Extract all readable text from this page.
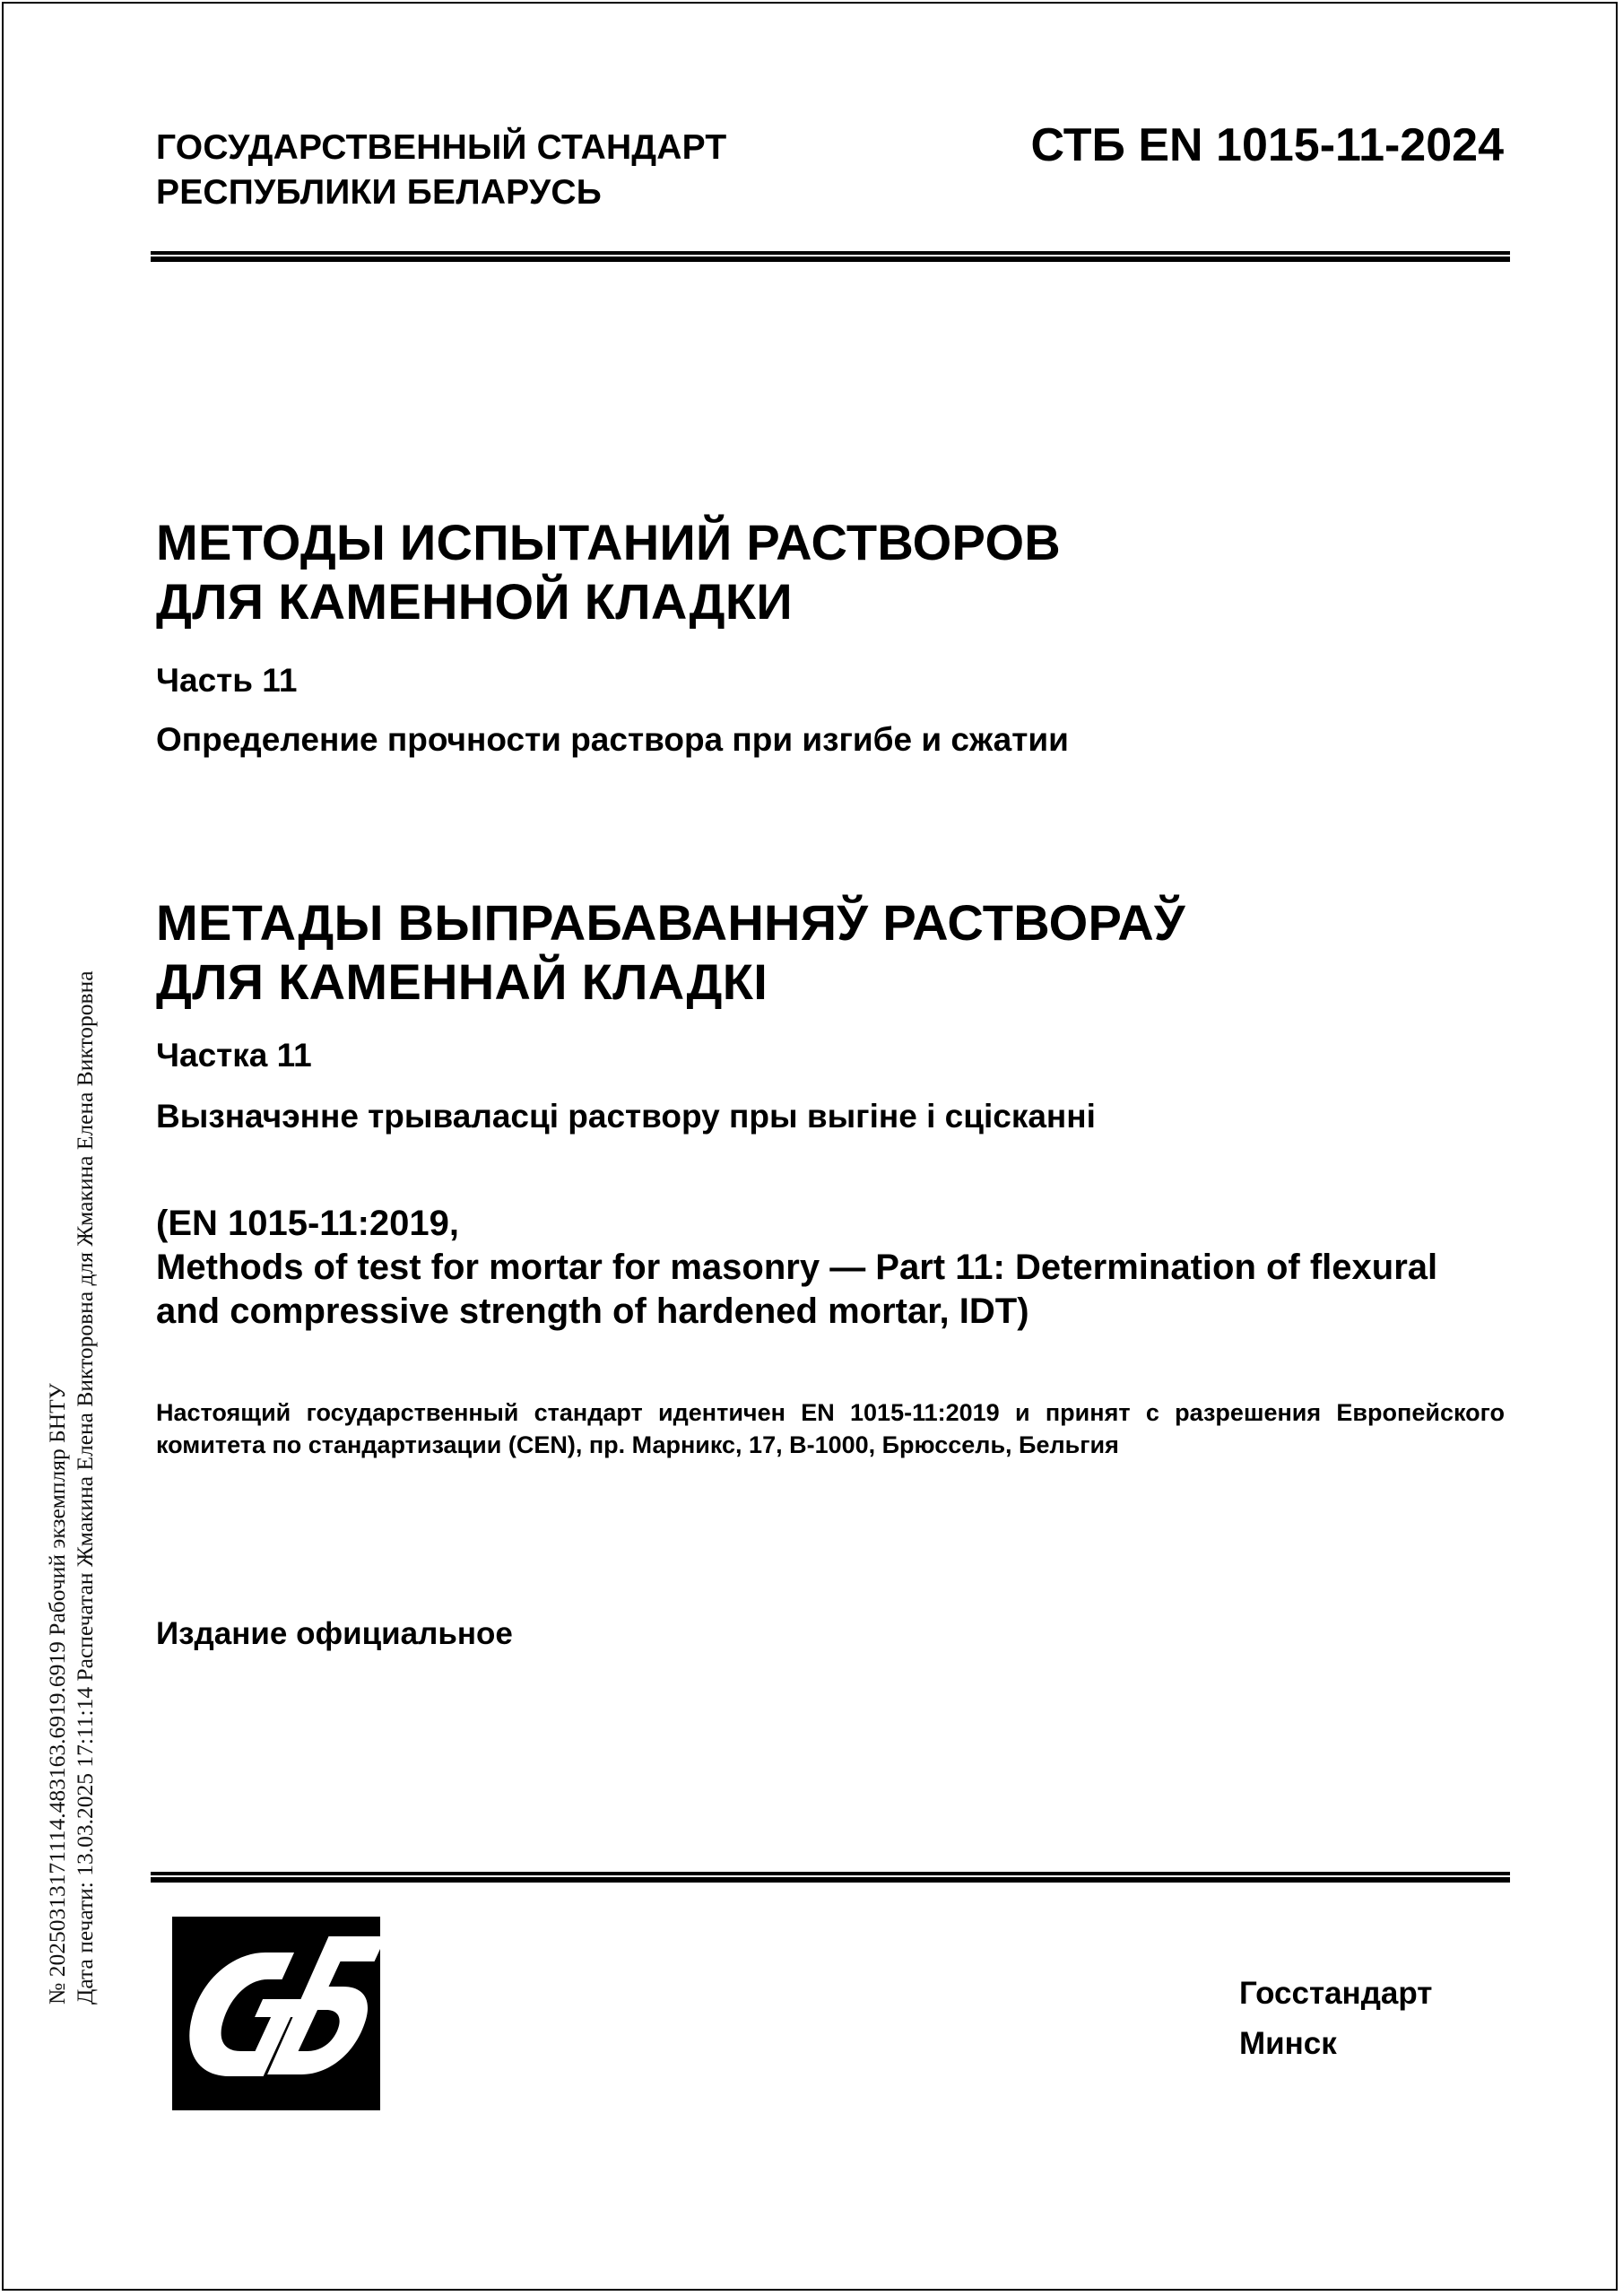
ГОСУДАРСТВЕННЫЙ СТАНДАРТ
РЕСПУБЛИКИ БЕЛАРУСЬ
СТБ EN 1015-11-2024
МЕТОДЫ ИСПЫТАНИЙ РАСТВОРОВ
ДЛЯ КАМЕННОЙ КЛАДКИ
Часть 11
Определение прочности раствора при изгибе и сжатии
МЕТАДЫ ВЫПРАБАВАННЯЎ РАСТВОРАЎ
ДЛЯ КАМЕННАЙ КЛАДКІ
Частка 11
Вызначэнне трываласці раствору пры выгіне і сцісканні
(EN 1015-11:2019,
Methods of test for mortar for masonry — Part 11: Determination of flexural
and compressive strength of hardened mortar, IDT)
Настоящий государственный стандарт идентичен EN 1015-11:2019 и принят с разрешения Европейского комитета по стандартизации (CEN), пр. Марникс, 17, B-1000, Брюссель, Бельгия
Издание официальное
Госстандарт
Минск
№ 20250313171114.483163.6919.6919 Рабочий экземпляр БНТУ Дата печати: 13.03.2025 17:11:14 Распечатан Жмакина Елена Викторовна для Жмакина Елена Викторовна
